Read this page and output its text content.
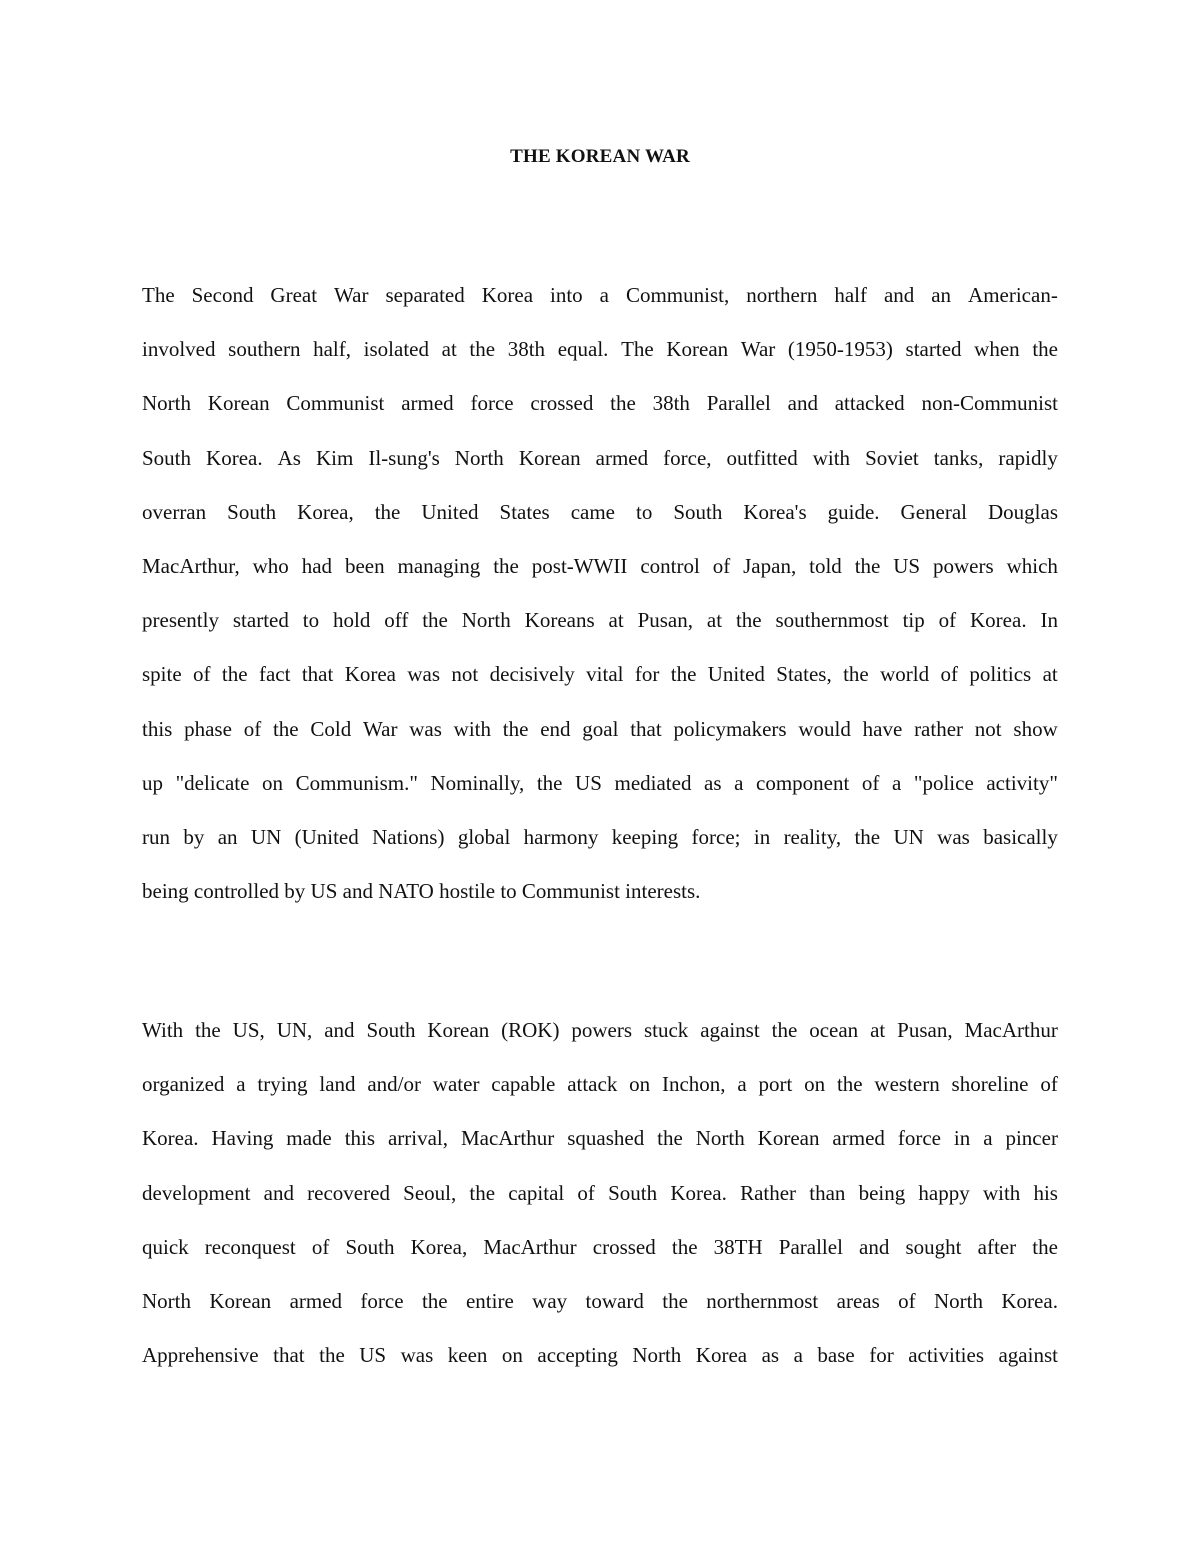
THE KOREAN WAR
The Second Great War separated Korea into a Communist, northern half and an American-
involved southern half, isolated at the 38th equal. The Korean War (1950-1953) started when the
North Korean Communist armed force crossed the 38th Parallel and attacked non-Communist
South Korea. As Kim Il-sung's North Korean armed force, outfitted with Soviet tanks, rapidly
overran South Korea, the United States came to South Korea's guide. General Douglas
MacArthur, who had been managing the post-WWII control of Japan, told the US powers which
presently started to hold off the North Koreans at Pusan, at the southernmost tip of Korea. In
spite of the fact that Korea was not decisively vital for the United States, the world of politics at
this phase of the Cold War was with the end goal that policymakers would have rather not show
up "delicate on Communism." Nominally, the US mediated as a component of a "police activity"
run by an UN (United Nations) global harmony keeping force; in reality, the UN was basically
being controlled by US and NATO hostile to Communist interests.
With the US, UN, and South Korean (ROK) powers stuck against the ocean at Pusan, MacArthur
organized a trying land and/or water capable attack on Inchon, a port on the western shoreline of
Korea. Having made this arrival, MacArthur squashed the North Korean armed force in a pincer
development and recovered Seoul, the capital of South Korea. Rather than being happy with his
quick reconquest of South Korea, MacArthur crossed the 38TH Parallel and sought after the
North Korean armed force the entire way toward the northernmost areas of North Korea.
Apprehensive that the US was keen on accepting North Korea as a base for activities against
